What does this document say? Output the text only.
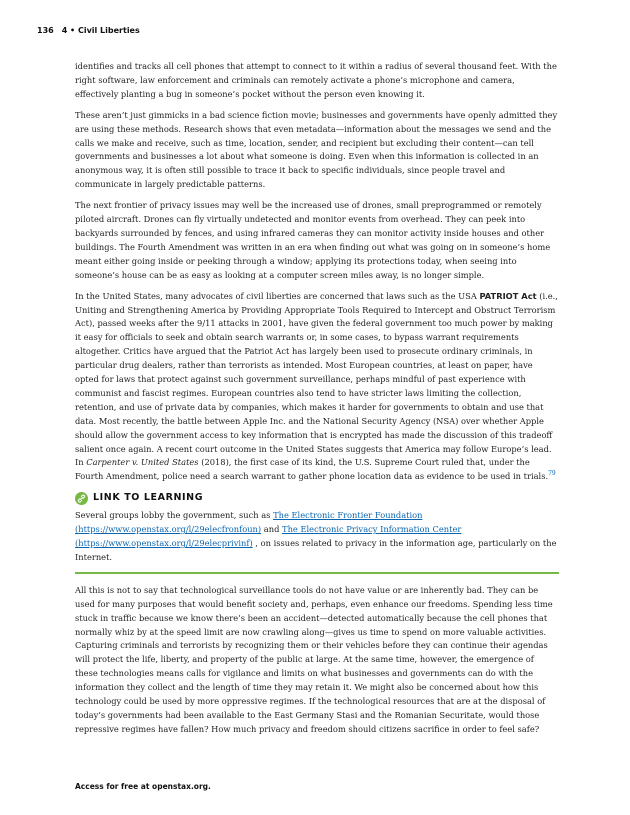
136 4 • Civil Liberties

identifies and tracks all cell phones that attempt to connect to it within a radius of several thousand feet. With the right software, law enforcement and criminals can remotely activate a phone’s microphone and camera, effectively planting a bug in someone’s pocket without the person even knowing it.

These aren’t just gimmicks in a bad science fiction movie; businesses and governments have openly admitted they are using these methods. Research shows that even metadata—information about the messages we send and the calls we make and receive, such as time, location, sender, and recipient but excluding their content—can tell governments and businesses a lot about what someone is doing. Even when this information is collected in an anonymous way, it is often still possible to trace it back to specific individuals, since people travel and communicate in largely predictable patterns.

The next frontier of privacy issues may well be the increased use of drones, small preprogrammed or remotely piloted aircraft. Drones can fly virtually undetected and monitor events from overhead. They can peek into backyards surrounded by fences, and using infrared cameras they can monitor activity inside houses and other buildings. The Fourth Amendment was written in an era when finding out what was going on in someone’s home meant either going inside or peeking through a window; applying its protections today, when seeing into someone’s house can be as easy as looking at a computer screen miles away, is no longer simple.

In the United States, many advocates of civil liberties are concerned that laws such as the USA PATRIOT Act (i.e., Uniting and Strengthening America by Providing Appropriate Tools Required to Intercept and Obstruct Terrorism Act), passed weeks after the 9/11 attacks in 2001, have given the federal government too much power by making it easy for officials to seek and obtain search warrants or, in some cases, to bypass warrant requirements altogether. Critics have argued that the Patriot Act has largely been used to prosecute ordinary criminals, in particular drug dealers, rather than terrorists as intended. Most European countries, at least on paper, have opted for laws that protect against such government surveillance, perhaps mindful of past experience with communist and fascist regimes. European countries also tend to have stricter laws limiting the collection, retention, and use of private data by companies, which makes it harder for governments to obtain and use that data. Most recently, the battle between Apple Inc. and the National Security Agency (NSA) over whether Apple should allow the government access to key information that is encrypted has made the discussion of this tradeoff salient once again. A recent court outcome in the United States suggests that America may follow Europe’s lead. In Carpenter v. United States (2018), the first case of its kind, the U.S. Supreme Court ruled that, under the Fourth Amendment, police need a search warrant to gather phone location data as evidence to be used in trials.$^{79}$

LINK TO LEARNING
Several groups lobby the government, such as The Electronic Frontier Foundation (https://www.openstax.org/l/29elecfronfoun) and The Electronic Privacy Information Center (https://www.openstax.org/l/29elecprivinf) , on issues related to privacy in the information age, particularly on the Internet.

All this is not to say that technological surveillance tools do not have value or are inherently bad. They can be used for many purposes that would benefit society and, perhaps, even enhance our freedoms. Spending less time stuck in traffic because we know there’s been an accident—detected automatically because the cell phones that normally whiz by at the speed limit are now crawling along—gives us time to spend on more valuable activities. Capturing criminals and terrorists by recognizing them or their vehicles before they can continue their agendas will protect the life, liberty, and property of the public at large. At the same time, however, the emergence of these technologies means calls for vigilance and limits on what businesses and governments can do with the information they collect and the length of time they may retain it. We might also be concerned about how this technology could be used by more oppressive regimes. If the technological resources that are at the disposal of today’s governments had been available to the East Germany Stasi and the Romanian Securitate, would those repressive regimes have fallen? How much privacy and freedom should citizens sacrifice in order to feel safe?

Access for free at openstax.org.
